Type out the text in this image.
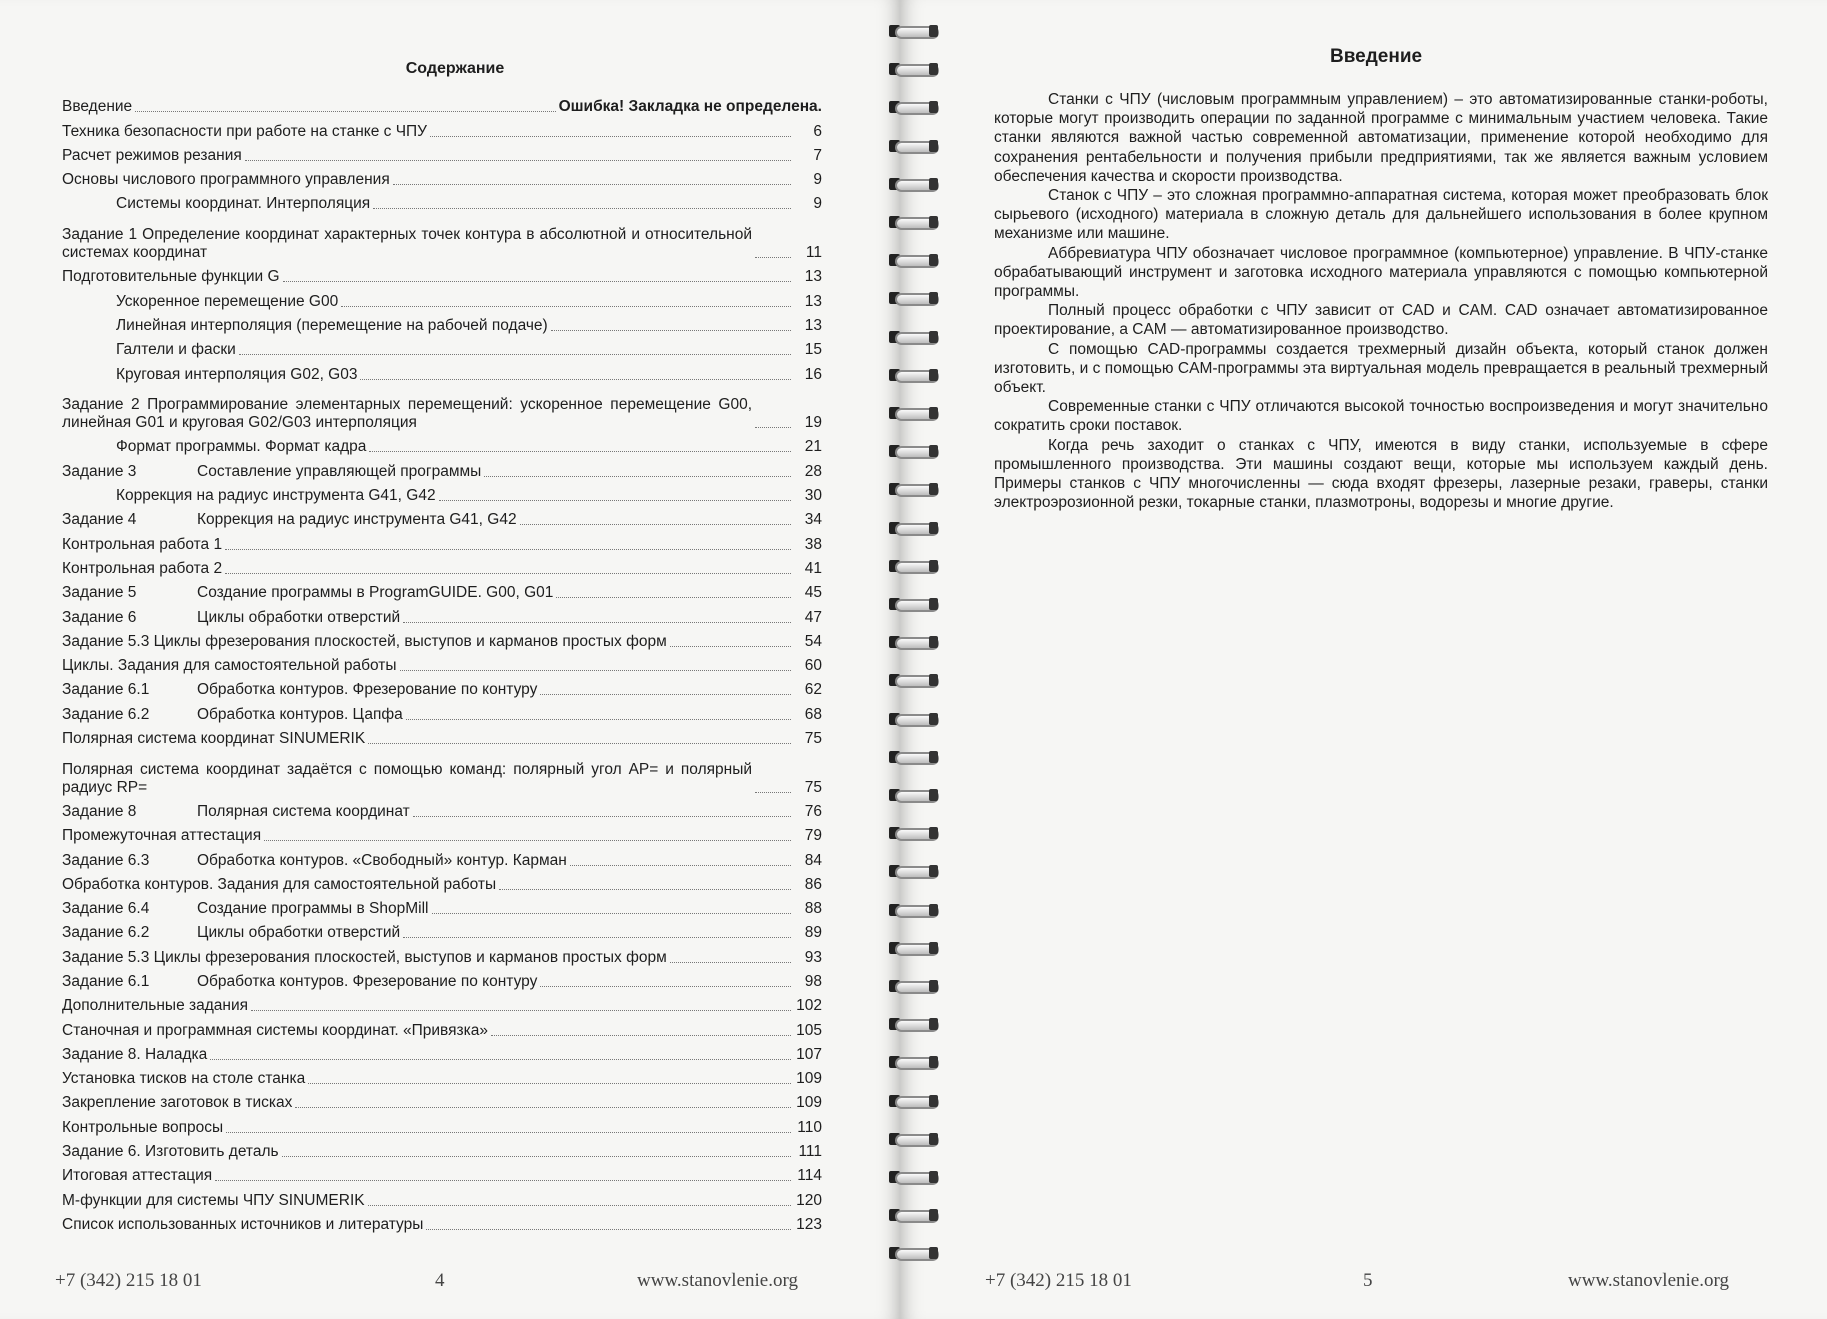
Содержание
Введение	Ошибка! Закладка не определена.
Техника безопасности при работе на станке с ЧПУ	6
Расчет режимов резания	7
Основы числового программного управления	9
Системы координат. Интерполяция	9
Задание 1 Определение координат характерных точек контура в абсолютной и относительной системах координат	11
Подготовительные функции G	13
Ускоренное перемещение G00	13
Линейная интерполяция (перемещение на рабочей подаче)	13
Галтели и фаски	15
Круговая интерполяция G02, G03	16
Задание 2 Программирование элементарных перемещений: ускоренное перемещение G00, линейная G01 и круговая G02/G03 интерполяция	19
Формат программы. Формат кадра	21
Задание 3	Составление управляющей программы	28
Коррекция на радиус инструмента G41, G42	30
Задание 4	Коррекция на радиус инструмента G41, G42	34
Контрольная работа 1	38
Контрольная работа 2	41
Задание 5	Создание программы в ProgramGUIDE. G00, G01	45
Задание 6	Циклы обработки отверстий	47
Задание 5.3 Циклы фрезерования плоскостей, выступов и карманов простых форм	54
Циклы. Задания для самостоятельной работы	60
Задание 6.1	Обработка контуров. Фрезерование по контуру	62
Задание 6.2	Обработка контуров. Цапфа	68
Полярная система координат SINUMERIK	75
Полярная система координат задаётся с помощью команд: полярный угол AP= и полярный радиус RP=	75
Задание 8	Полярная система координат	76
Промежуточная аттестация	79
Задание 6.3	Обработка контуров. «Свободный» контур. Карман	84
Обработка контуров. Задания для самостоятельной работы	86
Задание 6.4	Создание программы в ShopMill	88
Задание 6.2	Циклы обработки отверстий	89
Задание 5.3 Циклы фрезерования плоскостей, выступов и карманов простых форм	93
Задание 6.1	Обработка контуров. Фрезерование по контуру	98
Дополнительные задания	102
Станочная и программная системы координат. «Привязка»	105
Задание 8. Наладка	107
Установка тисков на столе станка	109
Закрепление заготовок в тисках	109
Контрольные вопросы	110
Задание 6. Изготовить деталь	111
Итоговая аттестация	114
М-функции для системы ЧПУ SINUMERIK	120
Список использованных источников и литературы	123
+7 (342) 215 18 01	4	www.stanovlenie.org
Введение

Станки с ЧПУ (числовым программным управлением) – это автоматизированные станки-роботы, которые могут производить операции по заданной программе с минимальным участием человека. Такие станки являются важной частью современной автоматизации, применение которой необходимо для сохранения рентабельности и получения прибыли предприятиями, так же является важным условием обеспечения качества и скорости производства.

Станок с ЧПУ – это сложная программно-аппаратная система, которая может преобразовать блок сырьевого (исходного) материала в сложную деталь для дальнейшего использования в более крупном механизме или машине.

Аббревиатура ЧПУ обозначает числовое программное (компьютерное) управление. В ЧПУ-станке обрабатывающий инструмент и заготовка исходного материала управляются с помощью компьютерной программы.

Полный процесс обработки с ЧПУ зависит от CAD и CAM. CAD означает автоматизированное проектирование, а CAM — автоматизированное производство.

С помощью CAD-программы создается трехмерный дизайн объекта, который станок должен изготовить, и с помощью CAM-программы эта виртуальная модель превращается в реальный трехмерный объект.

Современные станки с ЧПУ отличаются высокой точностью воспроизведения и могут значительно сократить сроки поставок.

Когда речь заходит о станках с ЧПУ, имеются в виду станки, используемые в сфере промышленного производства. Эти машины создают вещи, которые мы используем каждый день. Примеры станков с ЧПУ многочисленны — сюда входят фрезеры, лазерные резаки, граверы, станки электроэрозионной резки, токарные станки, плазмотроны, водорезы и многие другие.

+7 (342) 215 18 01	5	www.stanovlenie.org
